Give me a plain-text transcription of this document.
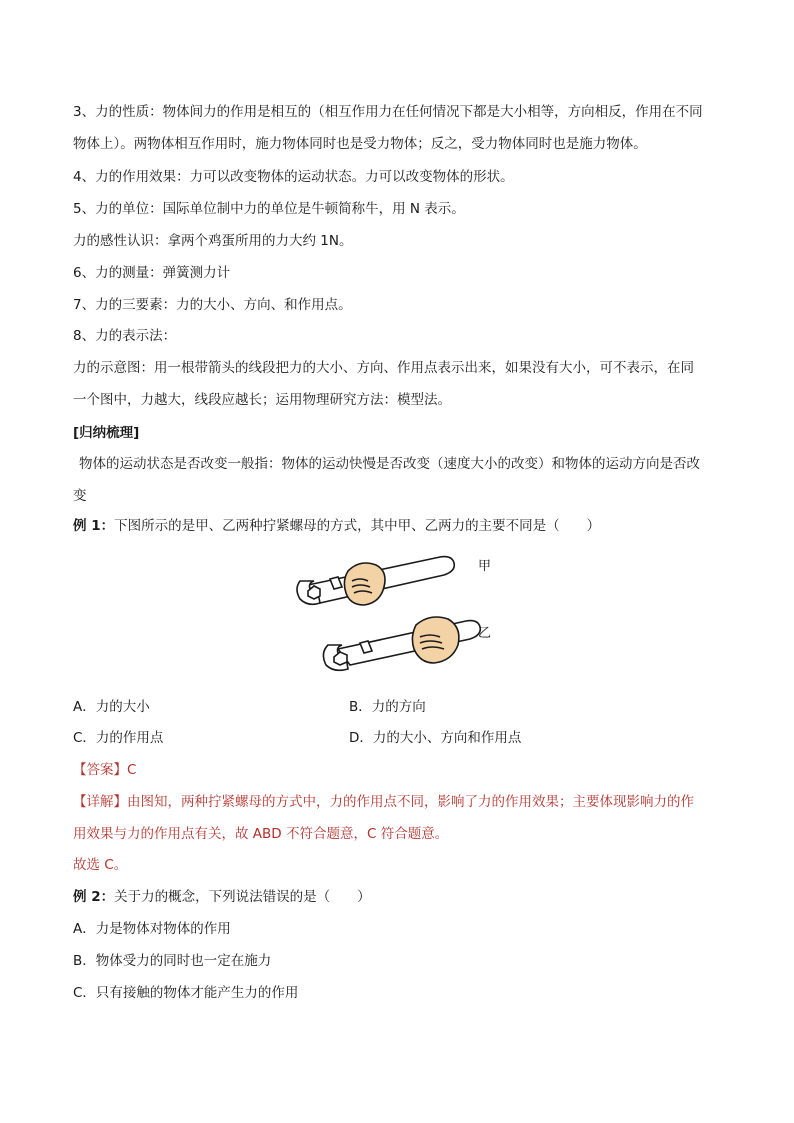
3、力的性质：物体间力的作用是相互的（相互作用力在任何情况下都是大小相等，方向相反，作用在不同
物体上）。两物体相互作用时，施力物体同时也是受力物体；反之，受力物体同时也是施力物体。
4、力的作用效果：力可以改变物体的运动状态。力可以改变物体的形状。
5、力的单位：国际单位制中力的单位是牛顿简称牛，用 N 表示。
力的感性认识：拿两个鸡蛋所用的力大约 1N。
6、力的测量：弹簧测力计
7、力的三要素：力的大小、方向、和作用点。
8、力的表示法：
力的示意图：用一根带箭头的线段把力的大小、方向、作用点表示出来，如果没有大小，可不表示，在同
一个图中，力越大，线段应越长；运用物理研究方法：模型法。
[归纳梳理]
物体的运动状态是否改变一般指：物体的运动快慢是否改变（速度大小的改变）和物体的运动方向是否改
变
例 1：下图所示的是甲、乙两种拧紧螺母的方式，其中甲、乙两力的主要不同是（　　）
甲
乙
A．力的大小	B．力的方向
C．力的作用点	D．力的大小、方向和作用点
【答案】C
【详解】由图知，两种拧紧螺母的方式中，力的作用点不同，影响了力的作用效果；主要体现影响力的作
用效果与力的作用点有关，故 ABD 不符合题意，C 符合题意。
故选 C。
例 2：关于力的概念，下列说法错误的是（　　）
A．力是物体对物体的作用
B．物体受力的同时也一定在施力
C．只有接触的物体才能产生力的作用
